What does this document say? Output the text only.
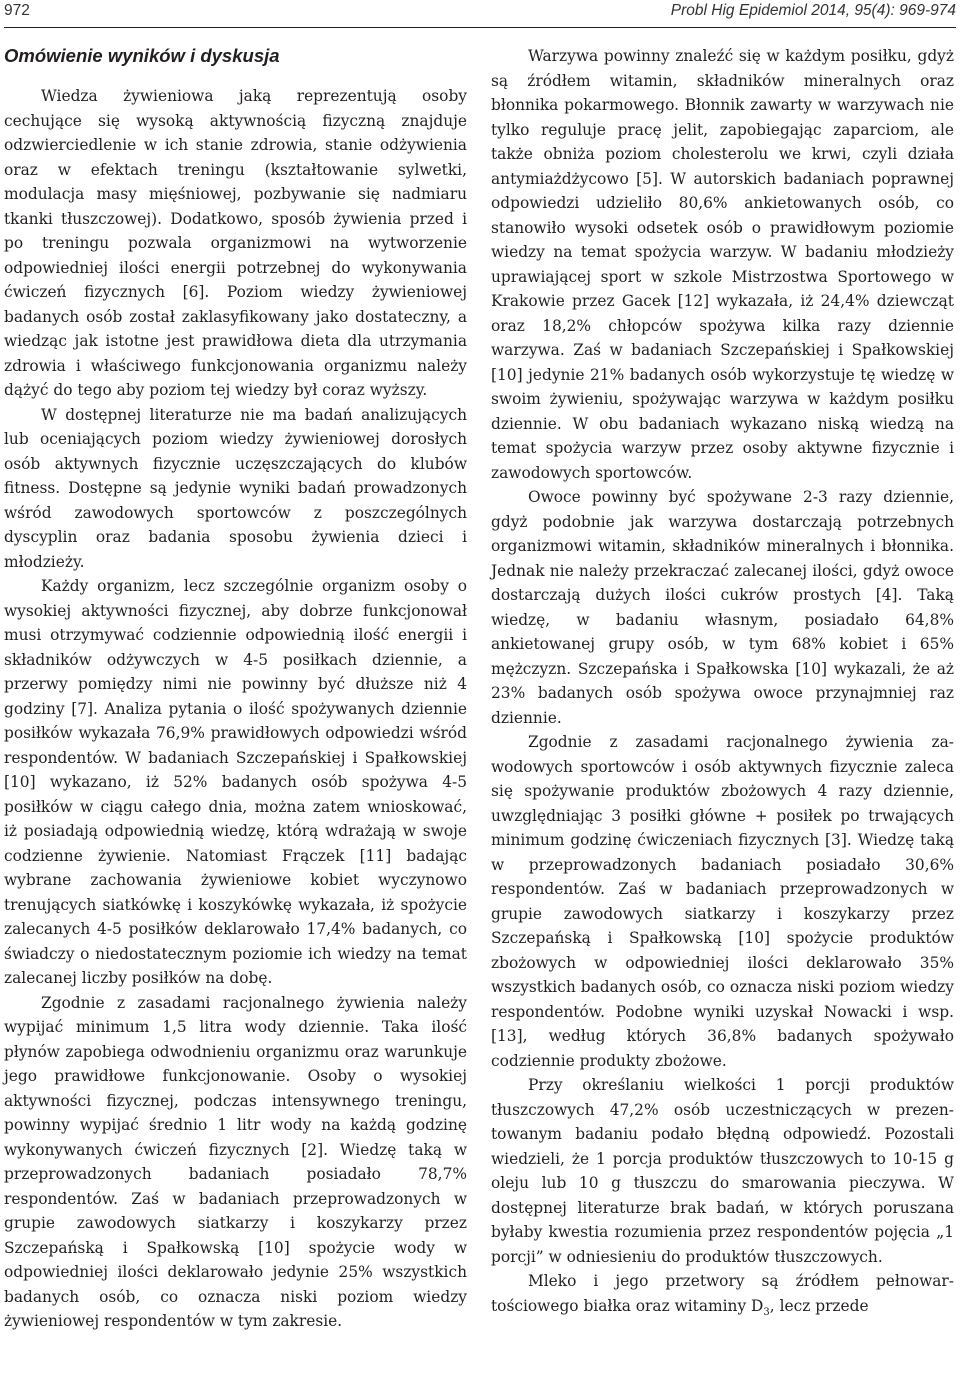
972	Probl Hig Epidemiol 2014, 95(4): 969-974
Omówienie wyników i dyskusja

Wiedza żywieniowa jaką reprezentują osoby cechujące się wysoką aktywnością fizyczną znajduje odzwierciedlenie w ich stanie zdrowia, stanie odżywienia oraz w efektach treningu (kształtowanie sylwetki, modulacja masy mięśniowej, pozbywanie się nadmiaru tkanki tłuszczowej). Dodatkowo, sposób żywienia przed i po treningu pozwala organizmowi na wytworzenie odpowiedniej ilości energii potrzebnej do wykonywania ćwiczeń fizycznych [6]. Poziom wiedzy żywieniowej badanych osób został zaklasyfikowany jako dostateczny, a wiedząc jak istotne jest prawidłowa dieta dla utrzymania zdrowia i właściwego funkcjonowania organizmu należy dążyć do tego aby poziom tej wiedzy był coraz wyższy.

W dostępnej literaturze nie ma badań analizujących lub oceniających poziom wiedzy żywieniowej dorosłych osób aktywnych fizycznie uczęszczających do klubów fitness. Dostępne są jedynie wyniki badań prowadzonych wśród zawodowych sportowców z poszczególnych dyscyplin oraz badania sposobu żywienia dzieci i młodzieży.

Każdy organizm, lecz szczególnie organizm osoby o wysokiej aktywności fizycznej, aby dobrze funkcjonował musi otrzymywać codziennie odpowiednią ilość energii i składników odżywczych w 4-5 posiłkach dziennie, a przerwy pomiędzy nimi nie powinny być dłuższe niż 4 godziny [7]. Analiza pytania o ilość spożywanych dziennie posiłków wykazała 76,9% prawidłowych odpowiedzi wśród respondentów. W badaniach Szczepańskiej i Spałkowskiej [10] wykazano, iż 52% badanych osób spożywa 4-5 posiłków w ciągu całego dnia, można zatem wnioskować, iż posiadają odpowiednią wiedzę, którą wdrażają w swoje codzienne żywienie. Natomiast Frączek [11] badając wybrane zachowania żywieniowe kobiet wyczynowo trenujących siatkówkę i koszykówkę wykazała, iż spożycie zalecanych 4-5 posiłków deklarowało 17,4% badanych, co świadczy o niedostatecznym poziomie ich wiedzy na temat zalecanej liczby posiłków na dobę.

Zgodnie z zasadami racjonalnego żywienia należy wypijać minimum 1,5 litra wody dziennie. Taka ilość płynów zapobiega odwodnieniu organizmu oraz warunkuje jego prawidłowe funkcjonowanie. Osoby o wysokiej aktywności fizycznej, podczas intensywnego treningu, powinny wypijać średnio 1 litr wody na każdą godzinę wykonywanych ćwiczeń fizycznych [2]. Wiedzę taką w przeprowadzonych badaniach posiadało 78,7% respondentów. Zaś w badaniach przeprowadzonych w grupie zawodowych siatkarzy i koszykarzy przez Szczepańską i Spałkowską [10] spożycie wody w odpowiedniej ilości deklarowało jedynie 25% wszystkich badanych osób, co oznacza niski poziom wiedzy żywieniowej respondentów w tym zakresie.

Warzywa powinny znaleźć się w każdym posiłku, gdyż są źródłem witamin, składników mineralnych oraz błonnika pokarmowego. Błonnik zawarty w warzywach nie tylko reguluje pracę jelit, zapobiegając zaparciom, ale także obniża poziom cholesterolu we krwi, czyli działa antymiażdżycowo [5]. W autorskich badaniach poprawnej odpowiedzi udzieliło 80,6% ankietowanych osób, co stanowiło wysoki odsetek osób o prawidłowym poziomie wiedzy na temat spożycia warzyw. W badaniu młodzieży uprawiającej sport w szkole Mistrzostwa Sportowego w Krakowie przez Gacek [12] wykazała, iż 24,4% dziewcząt oraz 18,2% chłopców spożywa kilka razy dziennie warzywa. Zaś w badaniach Szczepańskiej i Spałkowskiej [10] jedynie 21% badanych osób wykorzystuje tę wiedzę w swoim żywieniu, spożywając warzywa w każdym posiłku dziennie. W obu badaniach wykazano niską wiedzą na temat spożycia warzyw przez osoby aktywne fizycznie i zawodowych sportowców.

Owoce powinny być spożywane 2-3 razy dziennie, gdyż podobnie jak warzywa dostarczają potrzebnych organizmowi witamin, składników mineralnych i błonnika. Jednak nie należy przekraczać zalecanej ilości, gdyż owoce dostarczają dużych ilości cukrów prostych [4]. Taką wiedzę, w badaniu własnym, posiadało 64,8% ankietowanej grupy osób, w tym 68% kobiet i 65% mężczyzn. Szczepańska i Spałkowska [10] wykazali, że aż 23% badanych osób spożywa owoce przynajmniej raz dziennie.

Zgodnie z zasadami racjonalnego żywienia zawodowych sportowców i osób aktywnych fizycznie zaleca się spożywanie produktów zbożowych 4 razy dziennie, uwzględniając 3 posiłki główne + posiłek po trwających minimum godzinę ćwiczeniach fizycznych [3]. Wiedzę taką w przeprowadzonych badaniach posiadało 30,6% respondentów. Zaś w badaniach przeprowadzonych w grupie zawodowych siatkarzy i koszykarzy przez Szczepańską i Spałkowską [10] spożycie produktów zbożowych w odpowiedniej ilości deklarowało 35% wszystkich badanych osób, co oznacza niski poziom wiedzy respondentów. Podobne wyniki uzyskał Nowacki i wsp. [13], według których 36,8% badanych spożywało codziennie produkty zbożowe.

Przy określaniu wielkości 1 porcji produktów tłuszczowych 47,2% osób uczestniczących w prezentowanym badaniu podało błędną odpowiedź. Pozostali wiedzieli, że 1 porcja produktów tłuszczowych to 10-15 g oleju lub 10 g tłuszczu do smarowania pieczywa. W dostępnej literaturze brak badań, w których poruszana byłaby kwestia rozumienia przez respondentów pojęcia „1 porcji” w odniesieniu do produktów tłuszczowych.

Mleko i jego przetwory są źródłem pełnowartościowego białka oraz witaminy $D_3$, lecz przede
